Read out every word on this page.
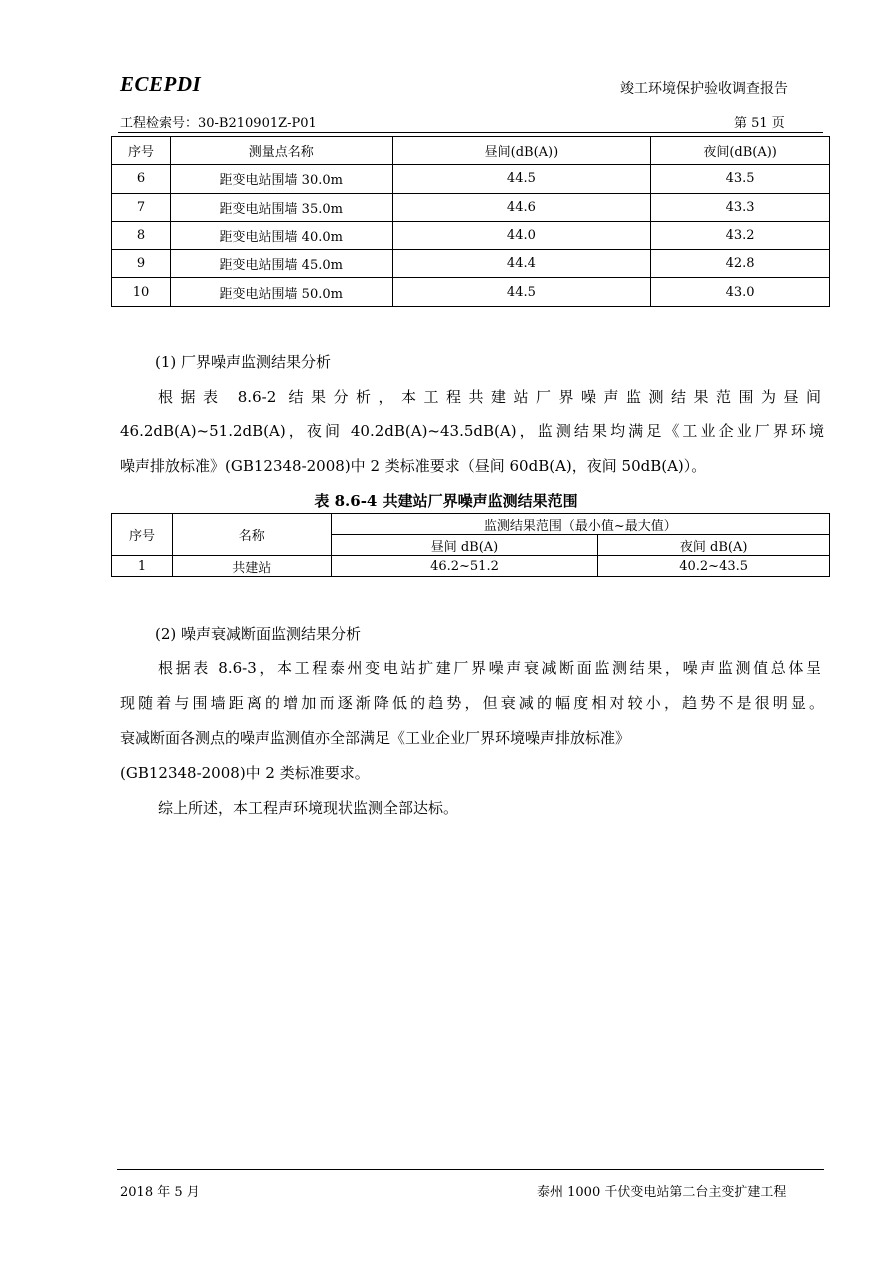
ECEPDI	竣工环境保护验收调查报告
工程检索号：30-B210901Z-P01	第 51 页
序号	测量点名称	昼间(dB(A))	夜间(dB(A))
6	距变电站围墙 30.0m	44.5	43.5
7	距变电站围墙 35.0m	44.6	43.3
8	距变电站围墙 40.0m	44.0	43.2
9	距变电站围墙 45.0m	44.4	42.8
10	距变电站围墙 50.0m	44.5	43.0
(1) 厂界噪声监测结果分析
根据表 8.6-2 结果分析，本工程共建站厂界噪声监测结果范围为昼间
46.2dB(A)~51.2dB(A)，夜间 40.2dB(A)~43.5dB(A)，监测结果均满足《工业企业厂界环境
噪声排放标准》(GB12348-2008)中 2 类标准要求（昼间 60dB(A)，夜间 50dB(A)）。
表 8.6-4 共建站厂界噪声监测结果范围
序号	名称	监测结果范围（最小值~最大值）	
		昼间 dB(A)	夜间 dB(A)
1	共建站	46.2~51.2	40.2~43.5
(2) 噪声衰减断面监测结果分析
根据表 8.6-3，本工程泰州变电站扩建厂界噪声衰减断面监测结果，噪声监测值总体呈
现随着与围墙距离的增加而逐渐降低的趋势，但衰减的幅度相对较小，趋势不是很明显。
衰减断面各测点的噪声监测值亦全部满足《工业企业厂界环境噪声排放标准》
(GB12348-2008)中 2 类标准要求。
综上所述，本工程声环境现状监测全部达标。
2018 年 5 月	泰州 1000 千伏变电站第二台主变扩建工程
